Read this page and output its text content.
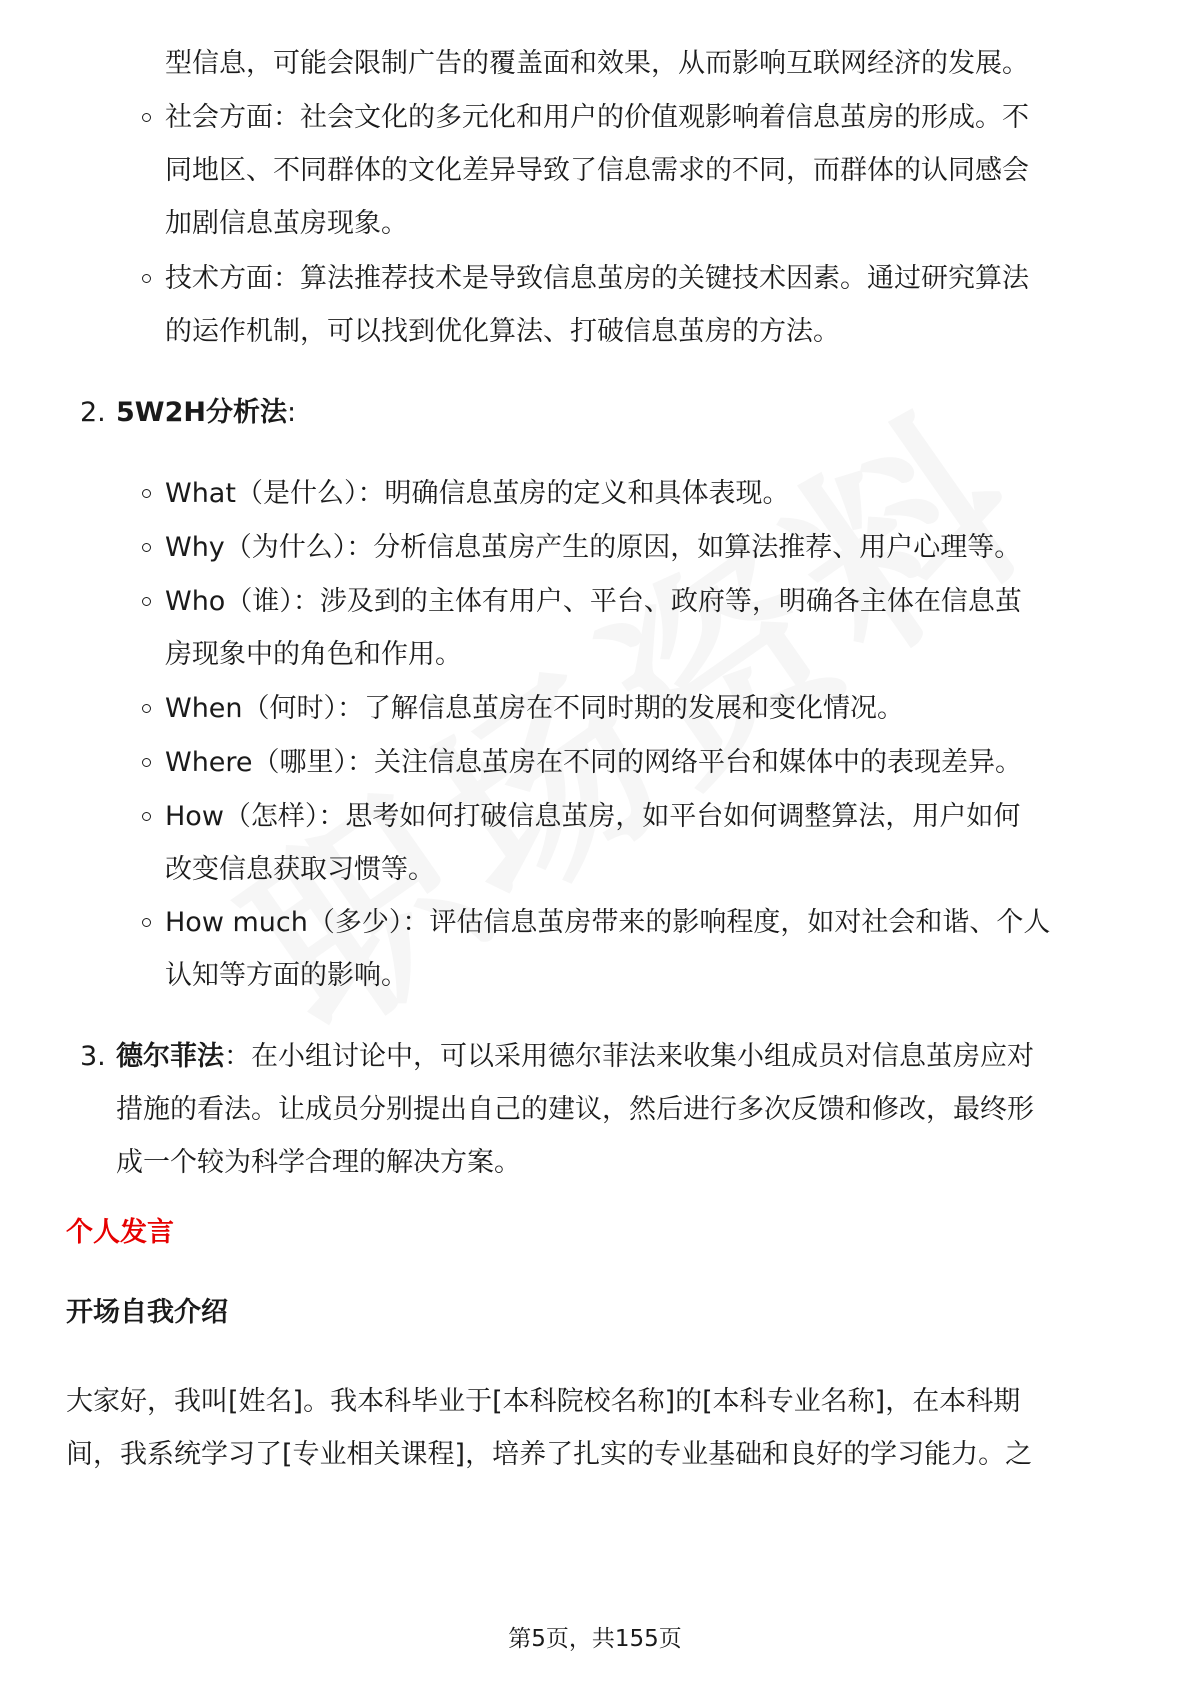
型信息，可能会限制广告的覆盖面和效果，从而影响互联网经济的发展。
社会方面：社会文化的多元化和用户的价值观影响着信息茧房的形成。不
同地区、不同群体的文化差异导致了信息需求的不同，而群体的认同感会
加剧信息茧房现象。
技术方面：算法推荐技术是导致信息茧房的关键技术因素。通过研究算法
的运作机制，可以找到优化算法、打破信息茧房的方法。
2. 5W2H分析法:
What（是什么）：明确信息茧房的定义和具体表现。
Why（为什么）：分析信息茧房产生的原因，如算法推荐、用户心理等。
Who（谁）：涉及到的主体有用户、平台、政府等，明确各主体在信息茧
房现象中的角色和作用。
When（何时）：了解信息茧房在不同时期的发展和变化情况。
Where（哪里）：关注信息茧房在不同的网络平台和媒体中的表现差异。
How（怎样）：思考如何打破信息茧房，如平台如何调整算法，用户如何
改变信息获取习惯等。
How much（多少）：评估信息茧房带来的影响程度，如对社会和谐、个人
认知等方面的影响。
3. 德尔菲法：在小组讨论中，可以采用德尔菲法来收集小组成员对信息茧房应对
措施的看法。让成员分别提出自己的建议，然后进行多次反馈和修改，最终形
成一个较为科学合理的解决方案。
个人发言
开场自我介绍
大家好，我叫[姓名]。我本科毕业于[本科院校名称]的[本科专业名称]，在本科期
间，我系统学习了[专业相关课程]，培养了扎实的专业基础和良好的学习能力。之
第5页，共155页
